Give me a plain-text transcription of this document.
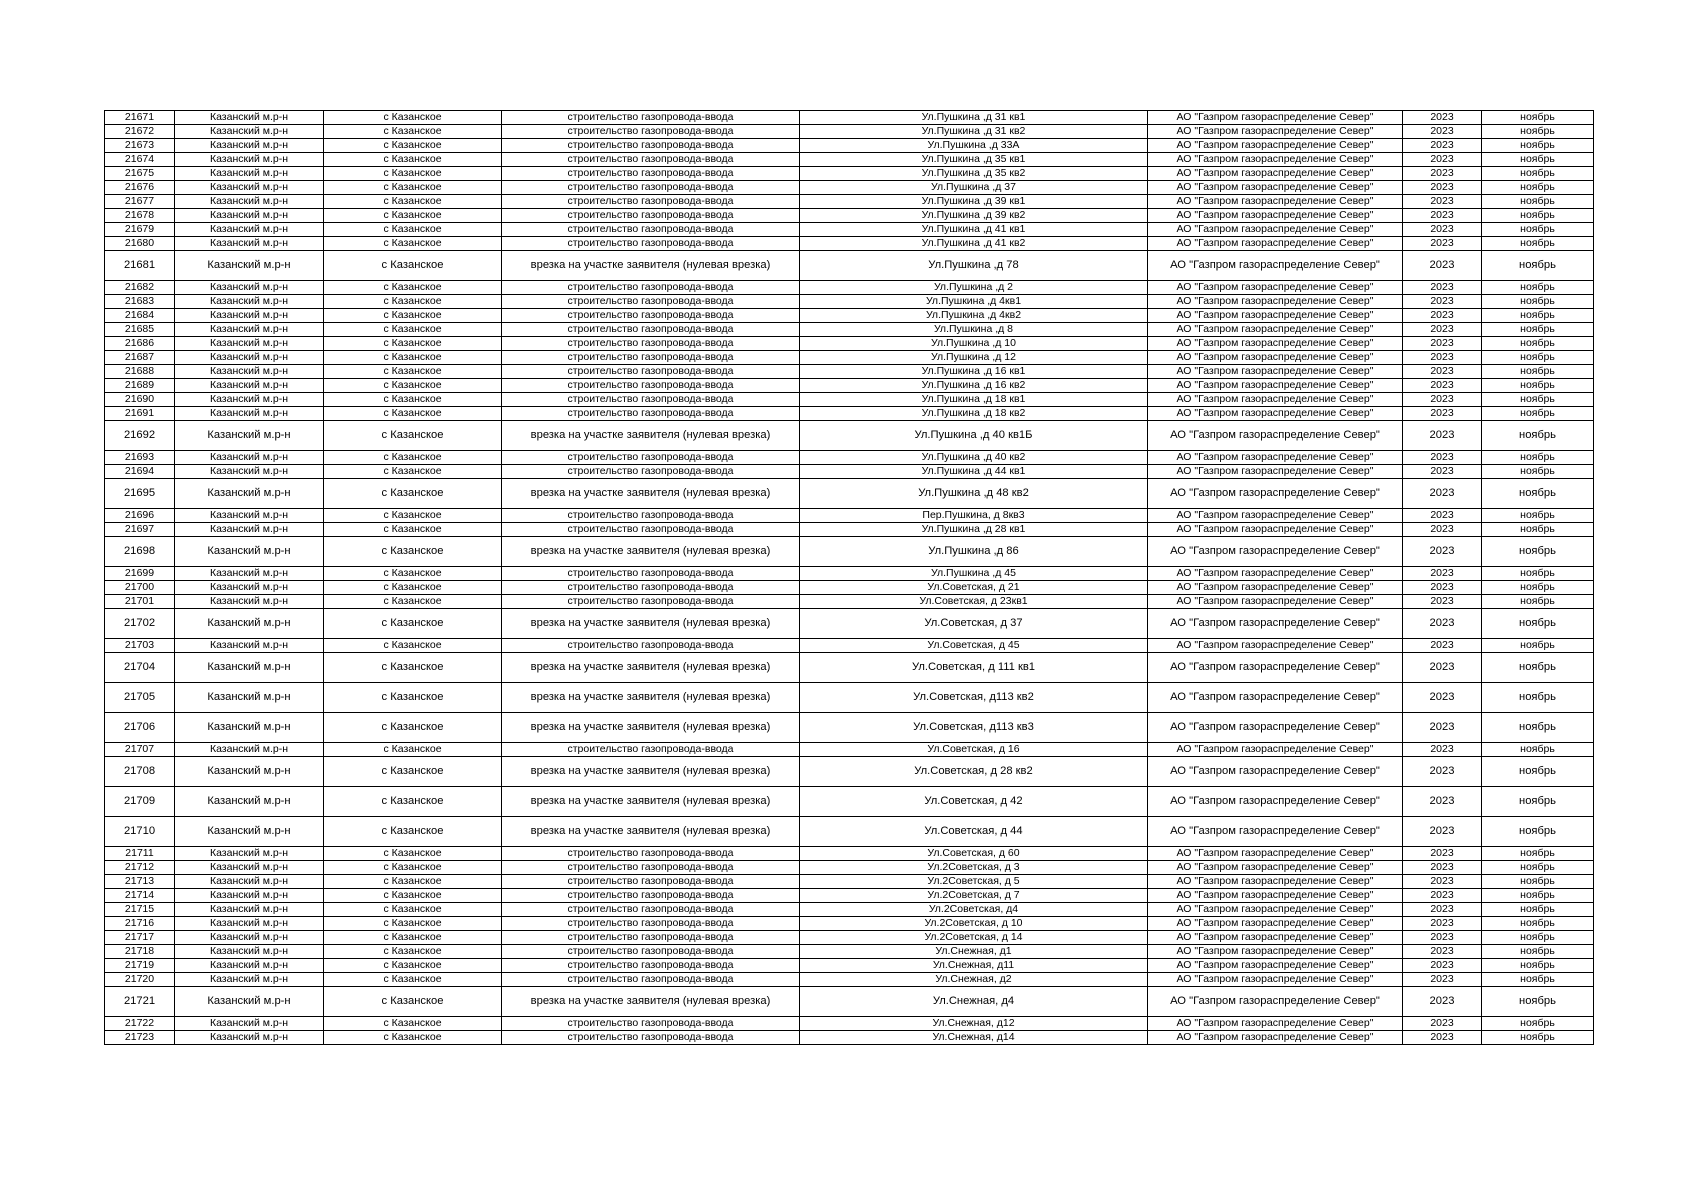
21671	Казанский м.р-н	с Казанское	строительство газопровода-ввода	Ул.Пушкина ,д 31 кв1	АО "Газпром газораспределение Север"	2023	ноябрь
21672	Казанский м.р-н	с Казанское	строительство газопровода-ввода	Ул.Пушкина ,д 31 кв2	АО "Газпром газораспределение Север"	2023	ноябрь
21673	Казанский м.р-н	с Казанское	строительство газопровода-ввода	Ул.Пушкина ,д 33А	АО "Газпром газораспределение Север"	2023	ноябрь
21674	Казанский м.р-н	с Казанское	строительство газопровода-ввода	Ул.Пушкина ,д 35 кв1	АО "Газпром газораспределение Север"	2023	ноябрь
21675	Казанский м.р-н	с Казанское	строительство газопровода-ввода	Ул.Пушкина ,д 35 кв2	АО "Газпром газораспределение Север"	2023	ноябрь
21676	Казанский м.р-н	с Казанское	строительство газопровода-ввода	Ул.Пушкина ,д 37	АО "Газпром газораспределение Север"	2023	ноябрь
21677	Казанский м.р-н	с Казанское	строительство газопровода-ввода	Ул.Пушкина ,д 39 кв1	АО "Газпром газораспределение Север"	2023	ноябрь
21678	Казанский м.р-н	с Казанское	строительство газопровода-ввода	Ул.Пушкина ,д 39 кв2	АО "Газпром газораспределение Север"	2023	ноябрь
21679	Казанский м.р-н	с Казанское	строительство газопровода-ввода	Ул.Пушкина ,д 41 кв1	АО "Газпром газораспределение Север"	2023	ноябрь
21680	Казанский м.р-н	с Казанское	строительство газопровода-ввода	Ул.Пушкина ,д 41 кв2	АО "Газпром газораспределение Север"	2023	ноябрь
21681	Казанский м.р-н	с Казанское	врезка на участке заявителя (нулевая врезка)	Ул.Пушкина ,д 78	АО "Газпром газораспределение Север"	2023	ноябрь
21682	Казанский м.р-н	с Казанское	строительство газопровода-ввода	Ул.Пушкина ,д 2	АО "Газпром газораспределение Север"	2023	ноябрь
21683	Казанский м.р-н	с Казанское	строительство газопровода-ввода	Ул.Пушкина ,д 4кв1	АО "Газпром газораспределение Север"	2023	ноябрь
21684	Казанский м.р-н	с Казанское	строительство газопровода-ввода	Ул.Пушкина ,д 4кв2	АО "Газпром газораспределение Север"	2023	ноябрь
21685	Казанский м.р-н	с Казанское	строительство газопровода-ввода	Ул.Пушкина ,д 8	АО "Газпром газораспределение Север"	2023	ноябрь
21686	Казанский м.р-н	с Казанское	строительство газопровода-ввода	Ул.Пушкина ,д 10	АО "Газпром газораспределение Север"	2023	ноябрь
21687	Казанский м.р-н	с Казанское	строительство газопровода-ввода	Ул.Пушкина ,д 12	АО "Газпром газораспределение Север"	2023	ноябрь
21688	Казанский м.р-н	с Казанское	строительство газопровода-ввода	Ул.Пушкина ,д 16 кв1	АО "Газпром газораспределение Север"	2023	ноябрь
21689	Казанский м.р-н	с Казанское	строительство газопровода-ввода	Ул.Пушкина ,д 16 кв2	АО "Газпром газораспределение Север"	2023	ноябрь
21690	Казанский м.р-н	с Казанское	строительство газопровода-ввода	Ул.Пушкина ,д 18 кв1	АО "Газпром газораспределение Север"	2023	ноябрь
21691	Казанский м.р-н	с Казанское	строительство газопровода-ввода	Ул.Пушкина ,д 18 кв2	АО "Газпром газораспределение Север"	2023	ноябрь
21692	Казанский м.р-н	с Казанское	врезка на участке заявителя (нулевая врезка)	Ул.Пушкина ,д 40 кв1Б	АО "Газпром газораспределение Север"	2023	ноябрь
21693	Казанский м.р-н	с Казанское	строительство газопровода-ввода	Ул.Пушкина ,д 40 кв2	АО "Газпром газораспределение Север"	2023	ноябрь
21694	Казанский м.р-н	с Казанское	строительство газопровода-ввода	Ул.Пушкина ,д 44 кв1	АО "Газпром газораспределение Север"	2023	ноябрь
21695	Казанский м.р-н	с Казанское	врезка на участке заявителя (нулевая врезка)	Ул.Пушкина ,д 48 кв2	АО "Газпром газораспределение Север"	2023	ноябрь
21696	Казанский м.р-н	с Казанское	строительство газопровода-ввода	Пер.Пушкина, д 8кв3	АО "Газпром газораспределение Север"	2023	ноябрь
21697	Казанский м.р-н	с Казанское	строительство газопровода-ввода	Ул.Пушкина ,д 28 кв1	АО "Газпром газораспределение Север"	2023	ноябрь
21698	Казанский м.р-н	с Казанское	врезка на участке заявителя (нулевая врезка)	Ул.Пушкина ,д 86	АО "Газпром газораспределение Север"	2023	ноябрь
21699	Казанский м.р-н	с Казанское	строительство газопровода-ввода	Ул.Пушкина ,д 45	АО "Газпром газораспределение Север"	2023	ноябрь
21700	Казанский м.р-н	с Казанское	строительство газопровода-ввода	Ул.Советская, д 21	АО "Газпром газораспределение Север"	2023	ноябрь
21701	Казанский м.р-н	с Казанское	строительство газопровода-ввода	Ул.Советская, д 23кв1	АО "Газпром газораспределение Север"	2023	ноябрь
21702	Казанский м.р-н	с Казанское	врезка на участке заявителя (нулевая врезка)	Ул.Советская, д 37	АО "Газпром газораспределение Север"	2023	ноябрь
21703	Казанский м.р-н	с Казанское	строительство газопровода-ввода	Ул.Советская, д 45	АО "Газпром газораспределение Север"	2023	ноябрь
21704	Казанский м.р-н	с Казанское	врезка на участке заявителя (нулевая врезка)	Ул.Советская, д 111 кв1	АО "Газпром газораспределение Север"	2023	ноябрь
21705	Казанский м.р-н	с Казанское	врезка на участке заявителя (нулевая врезка)	Ул.Советская, д113 кв2	АО "Газпром газораспределение Север"	2023	ноябрь
21706	Казанский м.р-н	с Казанское	врезка на участке заявителя (нулевая врезка)	Ул.Советская, д113 кв3	АО "Газпром газораспределение Север"	2023	ноябрь
21707	Казанский м.р-н	с Казанское	строительство газопровода-ввода	Ул.Советская, д 16	АО "Газпром газораспределение Север"	2023	ноябрь
21708	Казанский м.р-н	с Казанское	врезка на участке заявителя (нулевая врезка)	Ул.Советская, д 28 кв2	АО "Газпром газораспределение Север"	2023	ноябрь
21709	Казанский м.р-н	с Казанское	врезка на участке заявителя (нулевая врезка)	Ул.Советская, д 42	АО "Газпром газораспределение Север"	2023	ноябрь
21710	Казанский м.р-н	с Казанское	врезка на участке заявителя (нулевая врезка)	Ул.Советская, д 44	АО "Газпром газораспределение Север"	2023	ноябрь
21711	Казанский м.р-н	с Казанское	строительство газопровода-ввода	Ул.Советская, д 60	АО "Газпром газораспределение Север"	2023	ноябрь
21712	Казанский м.р-н	с Казанское	строительство газопровода-ввода	Ул.2Советская, д 3	АО "Газпром газораспределение Север"	2023	ноябрь
21713	Казанский м.р-н	с Казанское	строительство газопровода-ввода	Ул.2Советская, д 5	АО "Газпром газораспределение Север"	2023	ноябрь
21714	Казанский м.р-н	с Казанское	строительство газопровода-ввода	Ул.2Советская, д 7	АО "Газпром газораспределение Север"	2023	ноябрь
21715	Казанский м.р-н	с Казанское	строительство газопровода-ввода	Ул.2Советская, д4	АО "Газпром газораспределение Север"	2023	ноябрь
21716	Казанский м.р-н	с Казанское	строительство газопровода-ввода	Ул.2Советская, д 10	АО "Газпром газораспределение Север"	2023	ноябрь
21717	Казанский м.р-н	с Казанское	строительство газопровода-ввода	Ул.2Советская, д 14	АО "Газпром газораспределение Север"	2023	ноябрь
21718	Казанский м.р-н	с Казанское	строительство газопровода-ввода	Ул.Снежная, д1	АО "Газпром газораспределение Север"	2023	ноябрь
21719	Казанский м.р-н	с Казанское	строительство газопровода-ввода	Ул.Снежная, д11	АО "Газпром газораспределение Север"	2023	ноябрь
21720	Казанский м.р-н	с Казанское	строительство газопровода-ввода	Ул.Снежная, д2	АО "Газпром газораспределение Север"	2023	ноябрь
21721	Казанский м.р-н	с Казанское	врезка на участке заявителя (нулевая врезка)	Ул.Снежная, д4	АО "Газпром газораспределение Север"	2023	ноябрь
21722	Казанский м.р-н	с Казанское	строительство газопровода-ввода	Ул.Снежная, д12	АО "Газпром газораспределение Север"	2023	ноябрь
21723	Казанский м.р-н	с Казанское	строительство газопровода-ввода	Ул.Снежная, д14	АО "Газпром газораспределение Север"	2023	ноябрь
